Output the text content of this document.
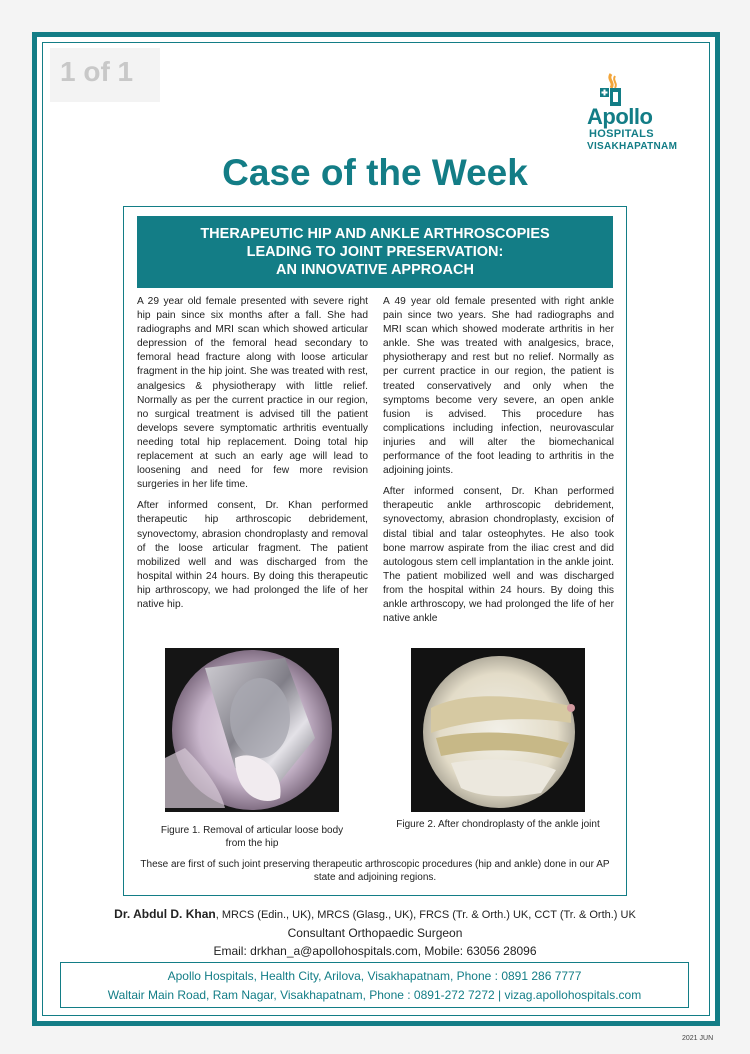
1 of 1
Apollo
HOSPITALS
VISAKHAPATNAM
Case of the Week
THERAPEUTIC HIP AND ANKLE ARTHROSCOPIES
LEADING TO JOINT PRESERVATION:
AN INNOVATIVE APPROACH

A 29 year old female presented with severe right hip pain since six months after a fall. She had radiographs and MRI scan which showed articular depression of the femoral head secondary to femoral head fracture along with loose articular fragment in the hip joint. She was treated with rest, analgesics & physiotherapy with little relief. Normally as per the current practice in our region, no surgical treatment is advised till the patient develops severe symptomatic arthritis eventually needing total hip replacement. Doing total hip replacement at such an early age will lead to loosening and need for few more revision surgeries in her life time.

After informed consent, Dr. Khan performed therapeutic hip arthroscopic debridement, synovectomy, abrasion chondroplasty and removal of the loose articular fragment. The patient mobilized well and was discharged from the hospital within 24 hours. By doing this therapeutic hip arthroscopy, we had prolonged the life of her native hip.

A 49 year old female presented with right ankle pain since two years. She had radiographs and MRI scan which showed moderate arthritis in her ankle. She was treated with analgesics, brace, physiotherapy and rest but no relief. Normally as per current practice in our region, the patient is treated conservatively and only when the symptoms become very severe, an open ankle fusion is advised. This procedure has complications including infection, neurovascular injuries and will alter the biomechanical performance of the foot leading to arthritis in the adjoining joints.

After informed consent, Dr. Khan performed therapeutic ankle arthroscopic debridement, synovectomy, abrasion chondroplasty, excision of distal tibial and talar osteophytes. He also took bone marrow aspirate from the iliac crest and did autologous stem cell implantation in the ankle joint. The patient mobilized well and was discharged from the hospital within 24 hours. By doing this ankle arthroscopy, we had prolonged the life of her native ankle

Figure 1. Removal of articular loose body from the hip
Figure 2. After chondroplasty of the ankle joint
These are first of such joint preserving therapeutic arthroscopic procedures (hip and ankle) done in our AP state and adjoining regions.
Dr. Abdul D. Khan, MRCS (Edin., UK), MRCS (Glasg., UK), FRCS (Tr. & Orth.) UK, CCT (Tr. & Orth.) UK
Consultant Orthopaedic Surgeon
Email: drkhan_a@apollohospitals.com, Mobile: 63056 28096
Apollo Hospitals, Health City, Arilova, Visakhapatnam, Phone : 0891 286 7777
Waltair Main Road, Ram Nagar, Visakhapatnam, Phone : 0891-272 7272 | vizag.apollohospitals.com
2021 JUN
